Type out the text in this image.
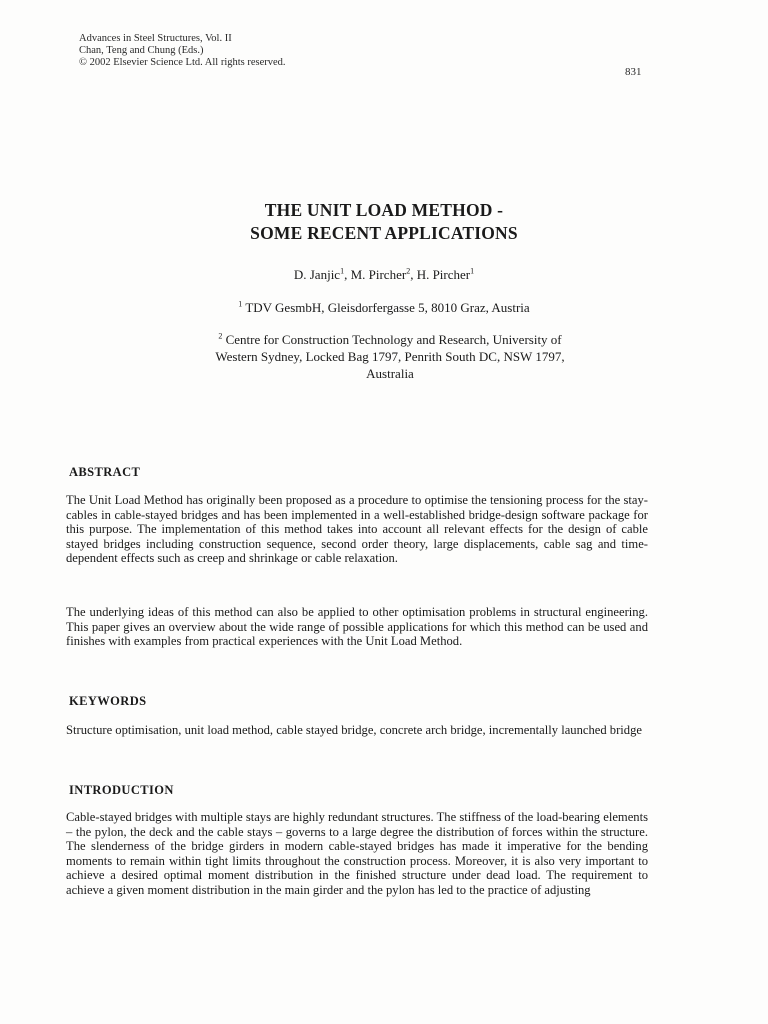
Advances in Steel Structures, Vol. II
Chan, Teng and Chung (Eds.)
© 2002 Elsevier Science Ltd. All rights reserved.
831
THE UNIT LOAD METHOD -
SOME RECENT APPLICATIONS
D. Janjic$^1$, M. Pircher$^2$, H. Pircher$^1$
$^1$ TDV GesmbH, Gleisdorfergasse 5, 8010 Graz, Austria
$^2$ Centre for Construction Technology and Research, University of
Western Sydney, Locked Bag 1797, Penrith South DC, NSW 1797,
Australia
ABSTRACT
The Unit Load Method has originally been proposed as a procedure to optimise the tensioning process for the stay-cables in cable-stayed bridges and has been implemented in a well-established bridge-design software package for this purpose. The implementation of this method takes into account all relevant effects for the design of cable stayed bridges including construction sequence, second order theory, large displacements, cable sag and time-dependent effects such as creep and shrinkage or cable relaxation.
The underlying ideas of this method can also be applied to other optimisation problems in structural engineering. This paper gives an overview about the wide range of possible applications for which this method can be used and finishes with examples from practical experiences with the Unit Load Method.
KEYWORDS
Structure optimisation, unit load method, cable stayed bridge, concrete arch bridge, incrementally launched bridge
INTRODUCTION
Cable-stayed bridges with multiple stays are highly redundant structures. The stiffness of the load-bearing elements – the pylon, the deck and the cable stays – governs to a large degree the distribution of forces within the structure. The slenderness of the bridge girders in modern cable-stayed bridges has made it imperative for the bending moments to remain within tight limits throughout the construction process. Moreover, it is also very important to achieve a desired optimal moment distribution in the finished structure under dead load. The requirement to achieve a given moment distribution in the main girder and the pylon has led to the practice of adjusting
